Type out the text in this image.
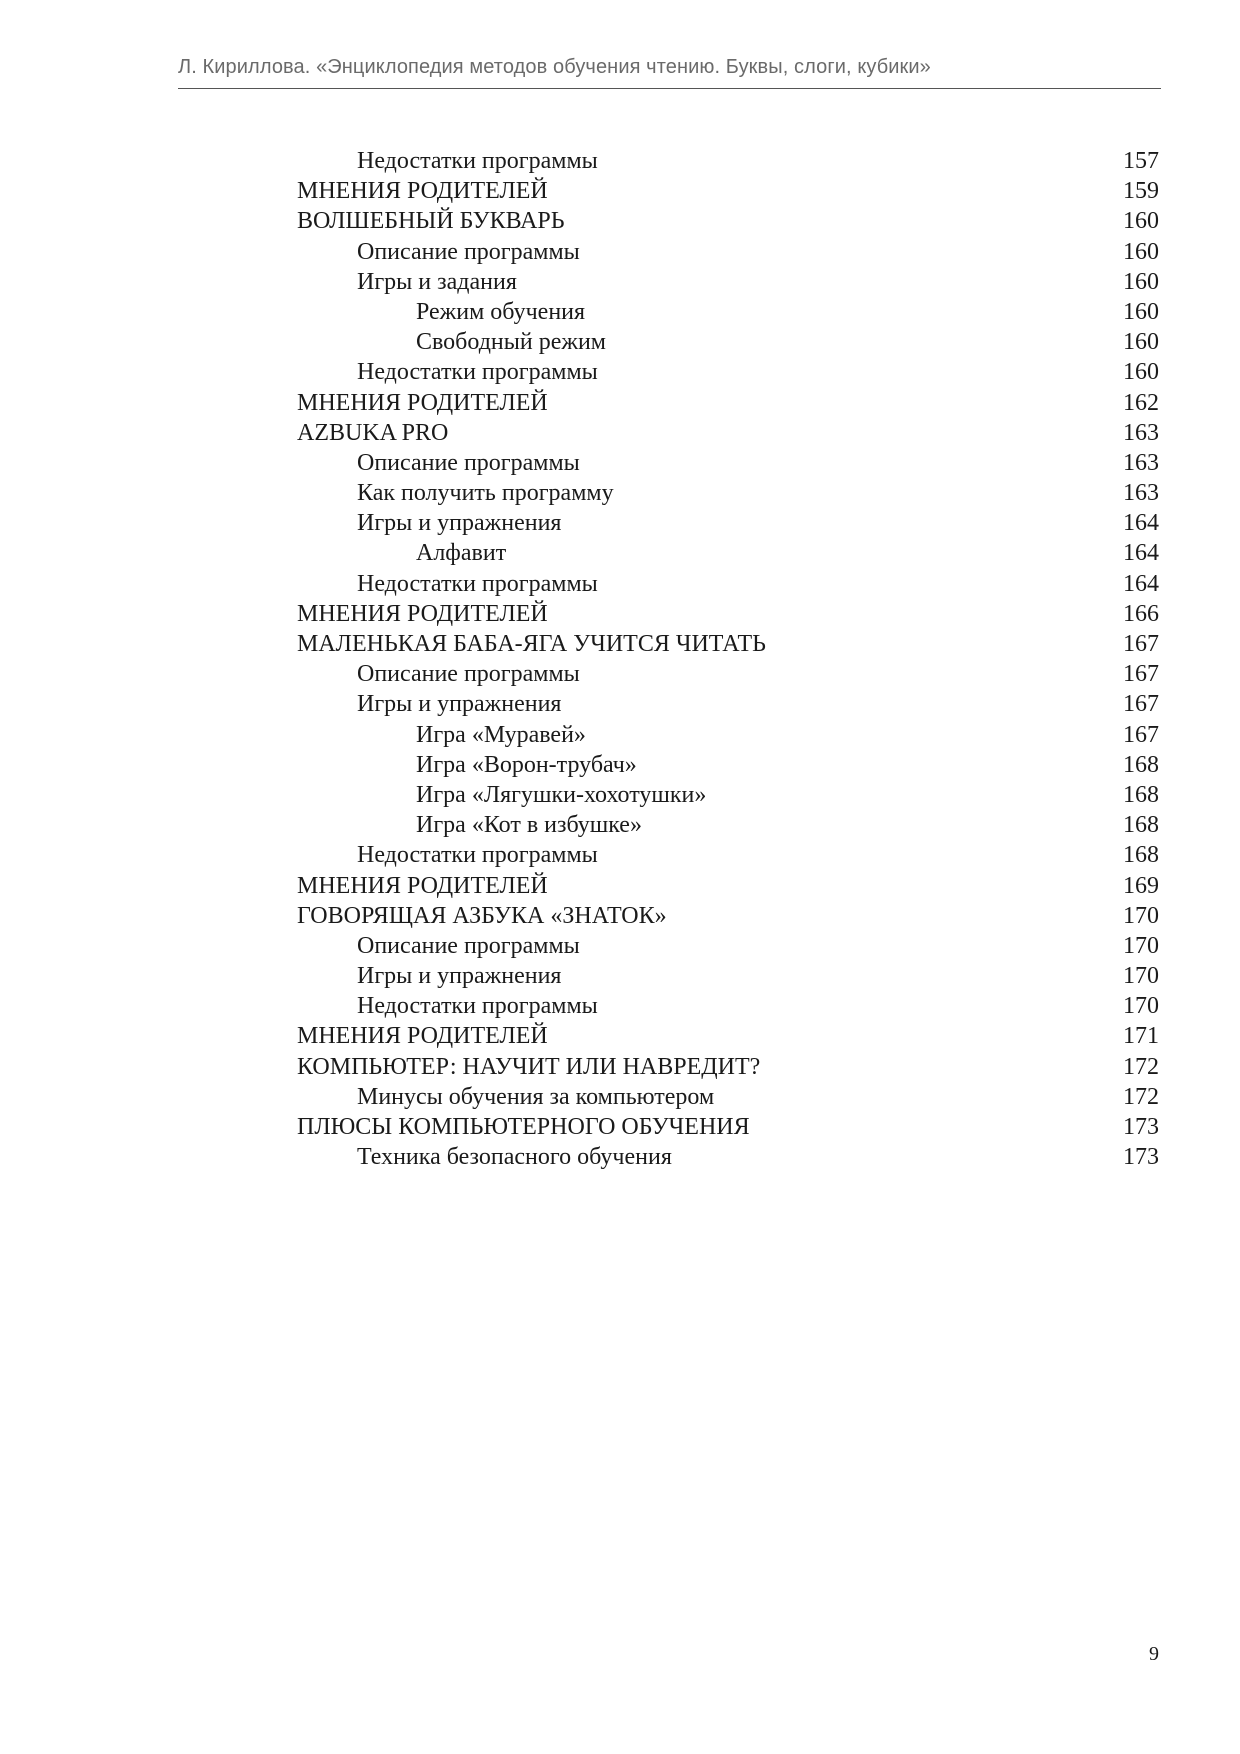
Л. Кириллова. «Энциклопедия методов обучения чтению. Буквы, слоги, кубики»
Недостатки программы	157
МНЕНИЯ РОДИТЕЛЕЙ	159
ВОЛШЕБНЫЙ БУКВАРЬ	160
Описание программы	160
Игры и задания	160
Режим обучения	160
Свободный режим	160
Недостатки программы	160
МНЕНИЯ РОДИТЕЛЕЙ	162
AZBUKA PRO	163
Описание программы	163
Как получить программу	163
Игры и упражнения	164
Алфавит	164
Недостатки программы	164
МНЕНИЯ РОДИТЕЛЕЙ	166
МАЛЕНЬКАЯ БАБА-ЯГА УЧИТСЯ ЧИТАТЬ	167
Описание программы	167
Игры и упражнения	167
Игра «Муравей»	167
Игра «Ворон-трубач»	168
Игра «Лягушки-хохотушки»	168
Игра «Кот в избушке»	168
Недостатки программы	168
МНЕНИЯ РОДИТЕЛЕЙ	169
ГОВОРЯЩАЯ АЗБУКА «ЗНАТОК»	170
Описание программы	170
Игры и упражнения	170
Недостатки программы	170
МНЕНИЯ РОДИТЕЛЕЙ	171
КОМПЬЮТЕР: НАУЧИТ ИЛИ НАВРЕДИТ?	172
Минусы обучения за компьютером	172
ПЛЮСЫ КОМПЬЮТЕРНОГО ОБУЧЕНИЯ	173
Техника безопасного обучения	173
9
